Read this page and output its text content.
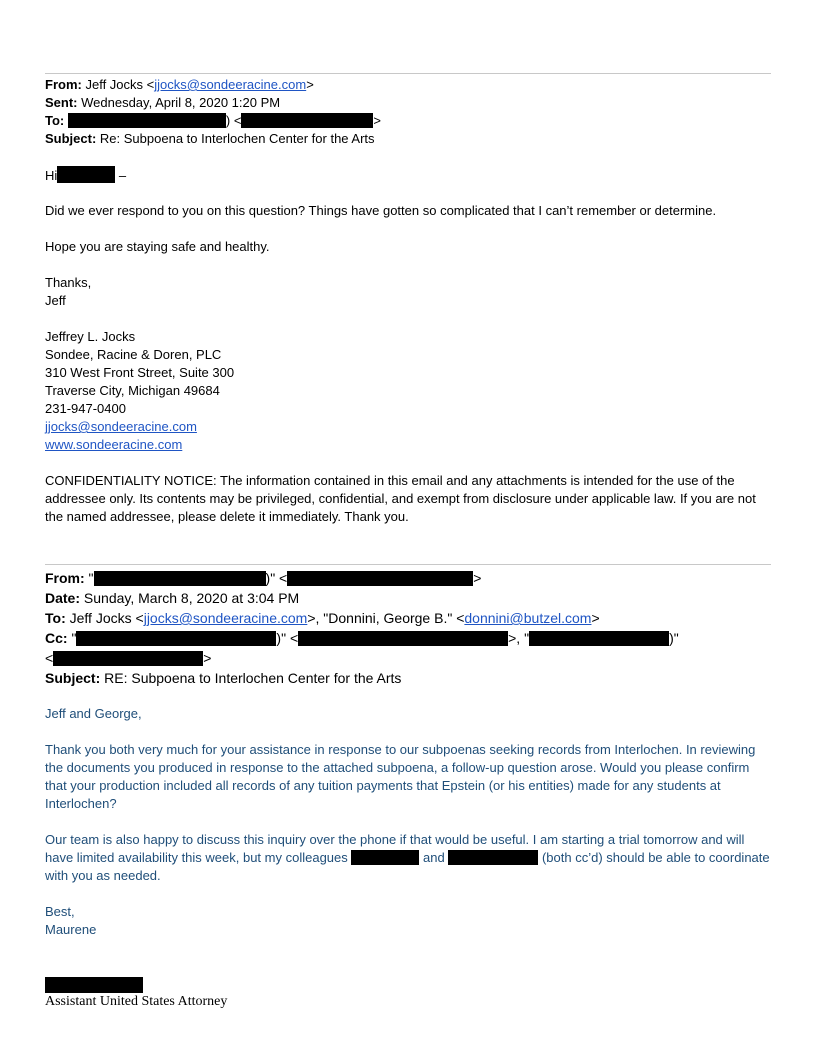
From: Jeff Jocks <jjocks@sondeeracine.com>
Sent: Wednesday, April 8, 2020 1:20 PM
To:	) <	>
Subject: Re: Subpoena to Interlochen Center for the Arts
Hi	–
Did we ever respond to you on this question? Things have gotten so complicated that I can’t remember or determine.
Hope you are staying safe and healthy.
Thanks,
Jeff
Jeffrey L. Jocks
Sondee, Racine & Doren, PLC
310 West Front Street, Suite 300
Traverse City, Michigan 49684
231-947-0400
jjocks@sondeeracine.com
www.sondeeracine.com
CONFIDENTIALITY NOTICE: The information contained in this email and any attachments is intended for the use of the addressee only. Its contents may be privileged, confidential, and exempt from disclosure under applicable law. If you are not the named addressee, please delete it immediately. Thank you.
From: "	)" <	>
Date: Sunday, March 8, 2020 at 3:04 PM
To: Jeff Jocks <jjocks@sondeeracine.com>, "Donnini, George B." <donnini@butzel.com>
Cc: "	)" <	>, "	)"
<	>
Subject: RE: Subpoena to Interlochen Center for the Arts
Jeff and George,
Thank you both very much for your assistance in response to our subpoenas seeking records from Interlochen. In reviewing the documents you produced in response to the attached subpoena, a follow-up question arose. Would you please confirm that your production included all records of any tuition payments that Epstein (or his entities) made for any students at Interlochen?
Our team is also happy to discuss this inquiry over the phone if that would be useful. I am starting a trial tomorrow and will have limited availability this week, but my colleagues	and	(both cc’d) should be able to coordinate with you as needed.
Best,
Maurene
Assistant United States Attorney
